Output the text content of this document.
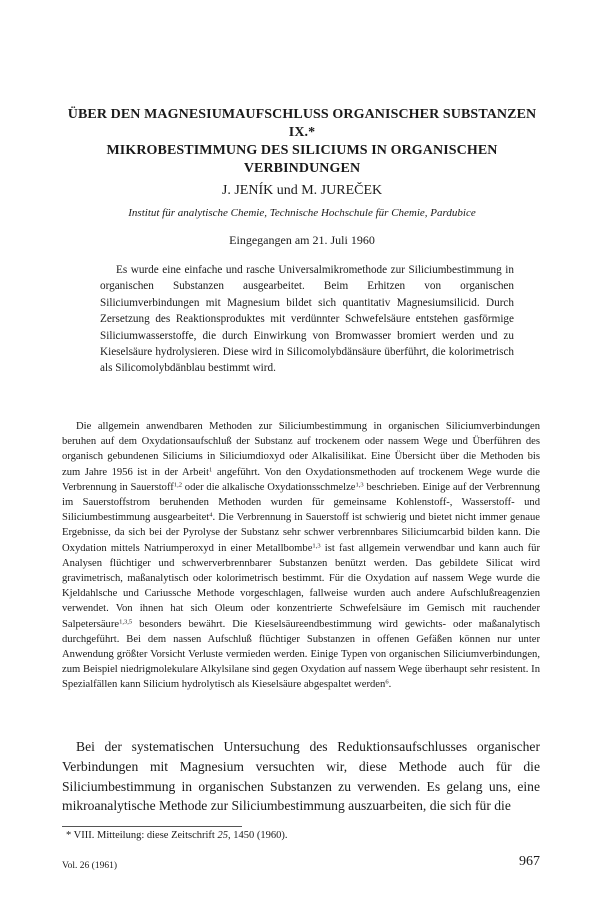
ÜBER DEN MAGNESIUMAUFSCHLUSS ORGANISCHER SUBSTANZEN IX.*
MIKROBESTIMMUNG DES SILICIUMS IN ORGANISCHEN
VERBINDUNGEN
J. JENÍK und M. JUREČEK
Institut für analytische Chemie, Technische Hochschule für Chemie, Pardubice
Eingegangen am 21. Juli 1960

Es wurde eine einfache und rasche Universalmikromethode zur Siliciumbestimmung in organischen Substanzen ausgearbeitet. Beim Erhitzen von organischen Siliciumverbindungen mit Magnesium bildet sich quantitativ Magnesiumsilicid. Durch Zersetzung des Reaktionsproduktes mit verdünnter Schwefelsäure entstehen gasförmige Siliciumwasserstoffe, die durch Einwirkung von Bromwasser bromiert werden und zu Kieselsäure hydrolysieren. Diese wird in Silicomolybdänsäure überführt, die kolorimetrisch als Silicomolybdänblau bestimmt wird.

Die allgemein anwendbaren Methoden zur Siliciumbestimmung in organischen Siliciumverbindungen beruhen auf dem Oxydationsaufschluß der Substanz auf trockenem oder nassem Wege und Überführen des organisch gebundenen Siliciums in Siliciumdioxyd oder Alkalisilikat. Eine Übersicht über die Methoden bis zum Jahre 1956 ist in der Arbeit$^1$ angeführt. Von den Oxydationsmethoden auf trockenem Wege wurde die Verbrennung in Sauerstoff$^{1,2}$ oder die alkalische Oxydationsschmelze$^{1,3}$ beschrieben. Einige auf der Verbrennung im Sauerstoffstrom beruhenden Methoden wurden für gemeinsame Kohlenstoff-, Wasserstoff- und Siliciumbestimmung ausgearbeitet$^4$. Die Verbrennung in Sauerstoff ist schwierig und bietet nicht immer genaue Ergebnisse, da sich bei der Pyrolyse der Substanz sehr schwer verbrennbares Siliciumcarbid bilden kann. Die Oxydation mittels Natriumperoxyd in einer Metallbombe$^{1,3}$ ist fast allgemein verwendbar und kann auch für Analysen flüchtiger und schwerverbrennbarer Substanzen benützt werden. Das gebildete Silicat wird gravimetrisch, maßanalytisch oder kolorimetrisch bestimmt. Für die Oxydation auf nassem Wege wurde die Kjeldahlsche und Cariussche Methode vorgeschlagen, fallweise wurden auch andere Aufschlußreagenzien verwendet. Von ihnen hat sich Oleum oder konzentrierte Schwefelsäure im Gemisch mit rauchender Salpetersäure$^{1,3,5}$ besonders bewährt. Die Kieselsäureendbestimmung wird gewichts- oder maßanalytisch durchgeführt. Bei dem nassen Aufschluß flüchtiger Substanzen in offenen Gefäßen können nur unter Anwendung größter Vorsicht Verluste vermieden werden. Einige Typen von organischen Siliciumverbindungen, zum Beispiel niedrigmolekulare Alkylsilane sind gegen Oxydation auf nassem Wege überhaupt sehr resistent. In Spezialfällen kann Silicium hydrolytisch als Kieselsäure abgespaltet werden$^6$.

Bei der systematischen Untersuchung des Reduktionsaufschlusses organischer Verbindungen mit Magnesium versuchten wir, diese Methode auch für die Siliciumbestimmung in organischen Substanzen zu verwenden. Es gelang uns, eine mikroanalytische Methode zur Siliciumbestimmung auszuarbeiten, die sich für die

* VIII. Mitteilung: diese Zeitschrift 25, 1450 (1960).
Vol. 26 (1961)	967
